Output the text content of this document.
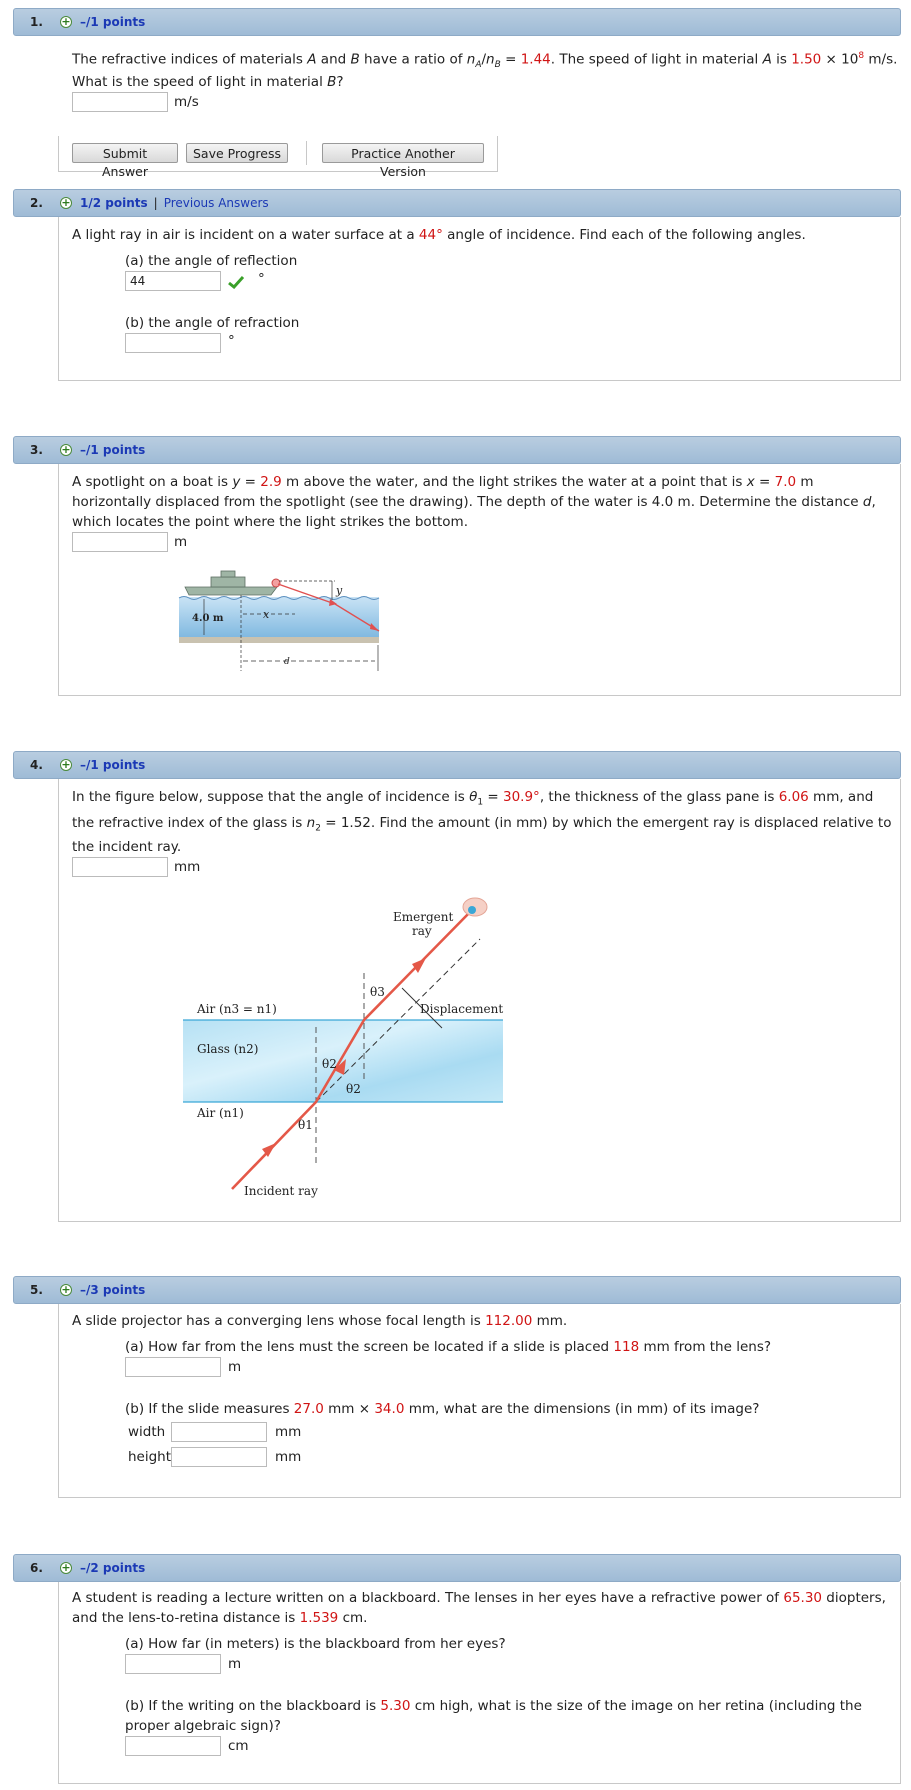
1. + –/1 points
The refractive indices of materials A and B have a ratio of $n_A/n_B = 1.44$. The speed of light in material A is $1.50 \times 10^8$ m/s.
What is the speed of light in material B?
m/s
Submit Answer
Save Progress	Practice Another Version
2. + 1/2 points | Previous Answers
A light ray in air is incident on a water surface at a 44° angle of incidence. Find each of the following angles.
(a) the angle of reflection
44
°
(b) the angle of refraction
°
3. + –/1 points
A spotlight on a boat is y = 2.9 m above the water, and the light strikes the water at a point that is x = 7.0 m
horizontally displaced from the spotlight (see the drawing). The depth of the water is 4.0 m. Determine the distance d,
which locates the point where the light strikes the bottom.
m
y
4.0 m	x
d
4. + –/1 points
In the figure below, suppose that the angle of incidence is $\theta_1 = 30.9^\circ$, the thickness of the glass pane is 6.06 mm, and
the refractive index of the glass is $n_2 = 1.52$. Find the amount (in mm) by which the emergent ray is displaced relative to
the incident ray.
mm
Emergent
ray
Air (n3 = n1)
θ3
Displacement
Glass (n2)
θ2
θ2
Air (n1)
θ1
Incident ray
5. + –/3 points
A slide projector has a converging lens whose focal length is 112.00 mm.
(a) How far from the lens must the screen be located if a slide is placed 118 mm from the lens?
m
(b) If the slide measures 27.0 mm × 34.0 mm, what are the dimensions (in mm) of its image?
width	mm
height	mm
6. + –/2 points
A student is reading a lecture written on a blackboard. The lenses in her eyes have a refractive power of 65.30 diopters,
and the lens-to-retina distance is 1.539 cm.
(a) How far (in meters) is the blackboard from her eyes?
m
(b) If the writing on the blackboard is 5.30 cm high, what is the size of the image on her retina (including the
proper algebraic sign)?
cm
